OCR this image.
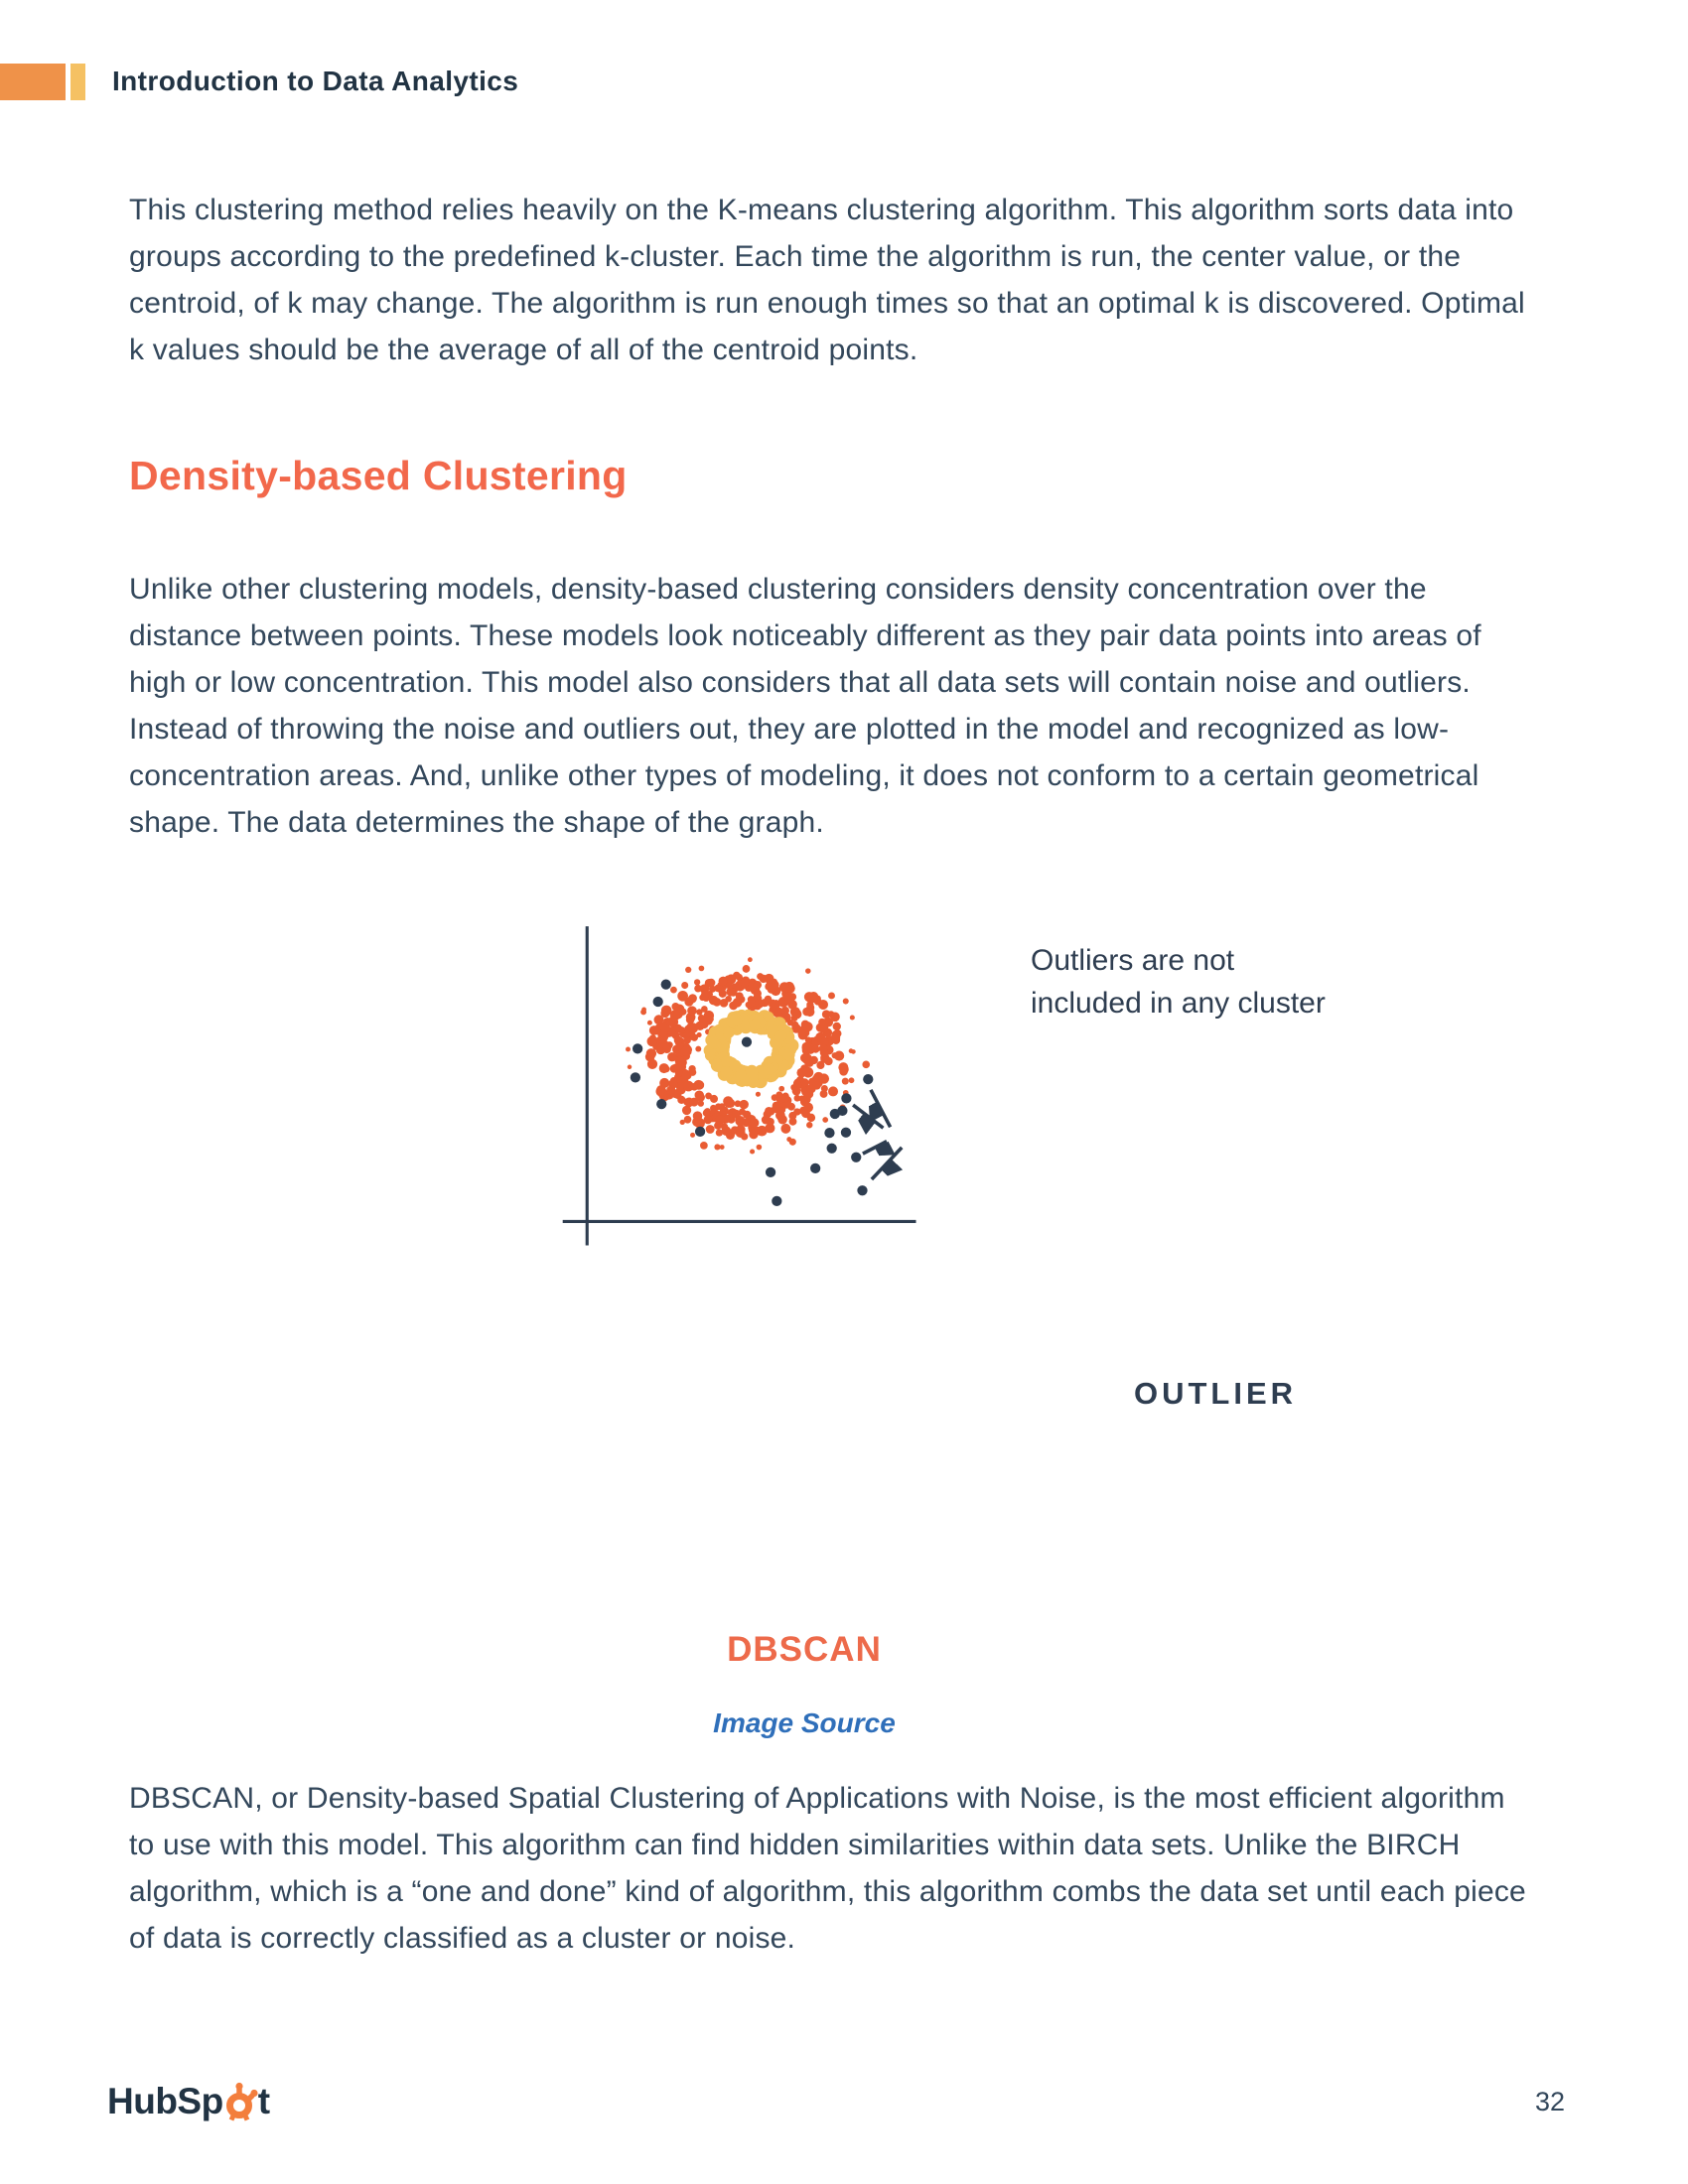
Introduction to Data Analytics

This clustering method relies heavily on the K-means clustering algorithm. This algorithm sorts data into groups according to the predefined k-cluster. Each time the algorithm is run, the center value, or the centroid, of k may change. The algorithm is run enough times so that an optimal k is discovered. Optimal k values should be the average of all of the centroid points.

Density-based Clustering

Unlike other clustering models, density-based clustering considers density concentration over the distance between points. These models look noticeably different as they pair data points into areas of high or low concentration. This model also considers that all data sets will contain noise and outliers. Instead of throwing the noise and outliers out, they are plotted in the model and recognized as low-concentration areas. And, unlike other types of modeling, it does not conform to a certain geometrical shape. The data determines the shape of the graph.

Outliers are not
included in any cluster
OUTLIER
DBSCAN
Image Source

DBSCAN, or Density-based Spatial Clustering of Applications with Noise, is the most efficient algorithm to use with this model. This algorithm can find hidden similarities within data sets. Unlike the BIRCH algorithm, which is a “one and done” kind of algorithm, this algorithm combs the data set until each piece of data is correctly classified as a cluster or noise.

HubSp t	32
